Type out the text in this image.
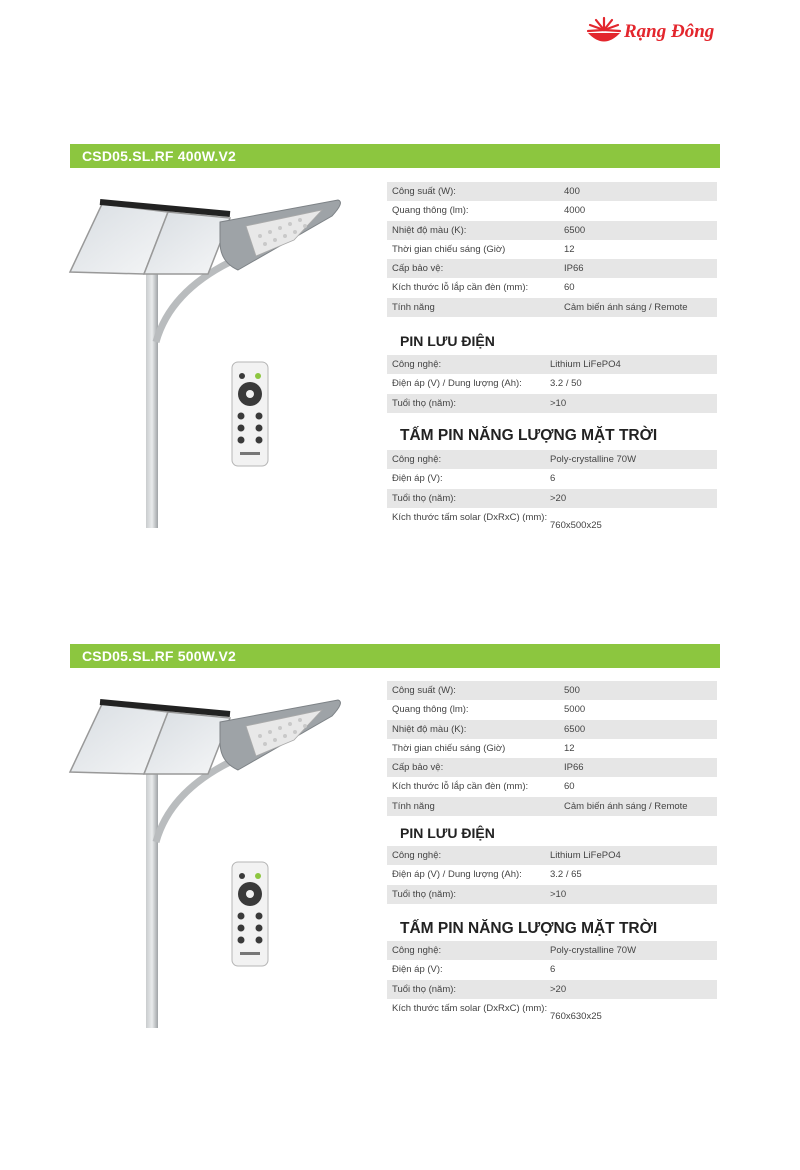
Rạng Đông
CSD05.SL.RF 400W.V2
Công suất (W):	400
Quang thông (lm):	4000
Nhiệt độ màu (K):	6500
Thời gian chiếu sáng (Giờ)	12
Cấp bảo vệ:	IP66
Kích thước lỗ lắp cần đèn (mm):	60
Tính năng	Cảm biến ánh sáng / Remote
PIN LƯU ĐIỆN
Công nghệ:	Lithium LiFePO4
Điện áp (V) / Dung lượng (Ah):	3.2 / 50
Tuổi thọ (năm):	>10
TẤM PIN NĂNG LƯỢNG MẶT TRỜI
Công nghệ:	Poly-crystalline 70W
Điện áp (V):	6
Tuổi thọ (năm):	>20
Kích thước tấm solar (DxRxC) (mm):
760x500x25
CSD05.SL.RF 500W.V2
Công suất (W):	500
Quang thông (lm):	5000
Nhiệt độ màu (K):	6500
Thời gian chiếu sáng (Giờ)	12
Cấp bảo vệ:	IP66
Kích thước lỗ lắp cần đèn (mm):	60
Tính năng	Cảm biến ánh sáng / Remote
PIN LƯU ĐIỆN
Công nghệ:	Lithium LiFePO4
Điện áp (V) / Dung lượng (Ah):	3.2 / 65
Tuổi thọ (năm):	>10
TẤM PIN NĂNG LƯỢNG MẶT TRỜI
Công nghệ:	Poly-crystalline 70W
Điện áp (V):	6
Tuổi thọ (năm):	>20
Kích thước tấm solar (DxRxC) (mm):
760x630x25
